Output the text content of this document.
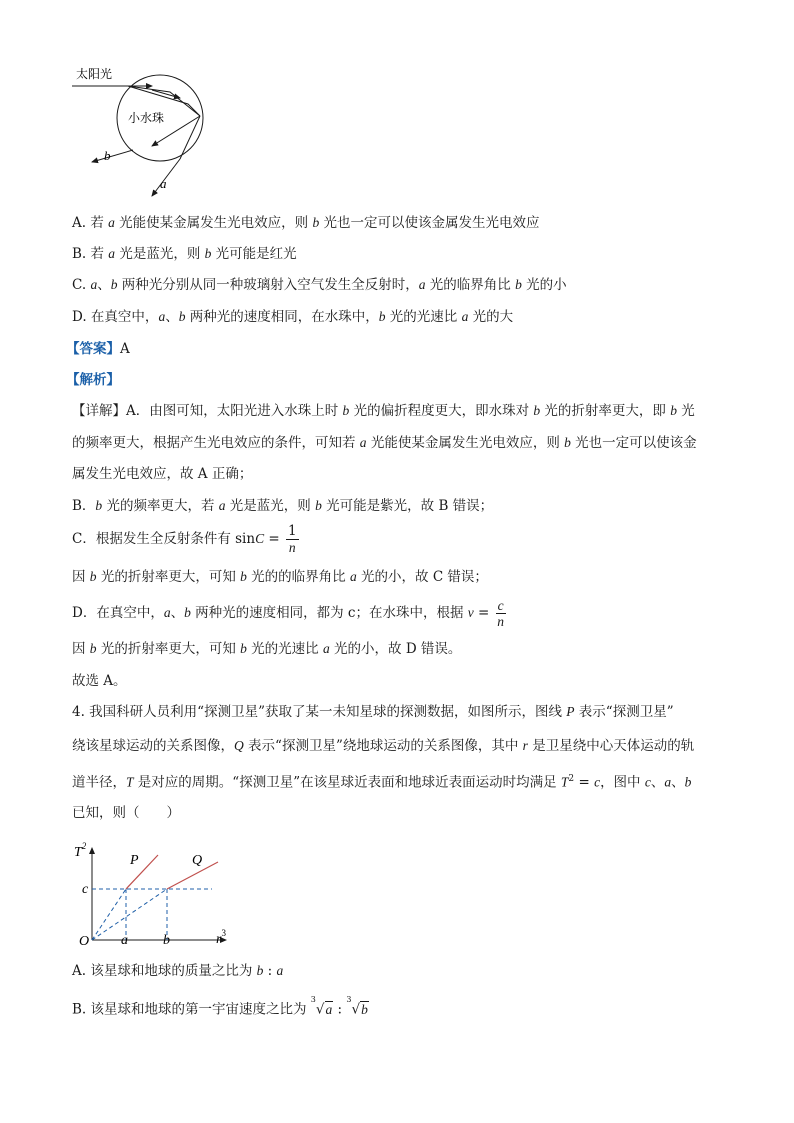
太阳光
小水珠
b
a
A. 若 a 光能使某金属发生光电效应，则 b 光也一定可以使该金属发生光电效应
B. 若 a 光是蓝光，则 b 光可能是红光
C. a、b 两种光分别从同一种玻璃射入空气发生全反射时，a 光的临界角比 b 光的小
D. 在真空中，a、b 两种光的速度相同，在水珠中，b 光的光速比 a 光的大
【答案】A
【解析】
【详解】A．由图可知，太阳光进入水珠上时 b 光的偏折程度更大，即水珠对 b 光的折射率更大，即 b 光
的频率更大，根据产生光电效应的条件，可知若 a 光能使某金属发生光电效应，则 b 光也一定可以使该金
属发生光电效应，故 A 正确；
B．b 光的频率更大，若 a 光是蓝光，则 b 光可能是紫光，故 B 错误；
C．根据发生全反射条件有 $\sin C = \frac{1}{n}$
因 b 光的折射率更大，可知 b 光的的临界角比 a 光的小，故 C 错误；
D．在真空中，a、b 两种光的速度相同，都为 c；在水珠中，根据 $v = \frac{c}{n}$
因 b 光的折射率更大，可知 b 光的光速比 a 光的小，故 D 错误。
故选 A。
4. 我国科研人员利用“探测卫星”获取了某一未知星球的探测数据，如图所示，图线 P 表示“探测卫星”
绕该星球运动的关系图像，Q 表示“探测卫星”绕地球运动的关系图像，其中 r 是卫星绕中心天体运动的轨
道半径，T 是对应的周期。“探测卫星”在该星球近表面和地球近表面运动时均满足 $T^2 = c$，图中 c、a、b
已知，则（　　）
$T^2$
$r^3$
O
P	Q
c
a	b
A. 该星球和地球的质量之比为 b : a
B. 该星球和地球的第一宇宙速度之比为 $^3$√a : $^3$√b
